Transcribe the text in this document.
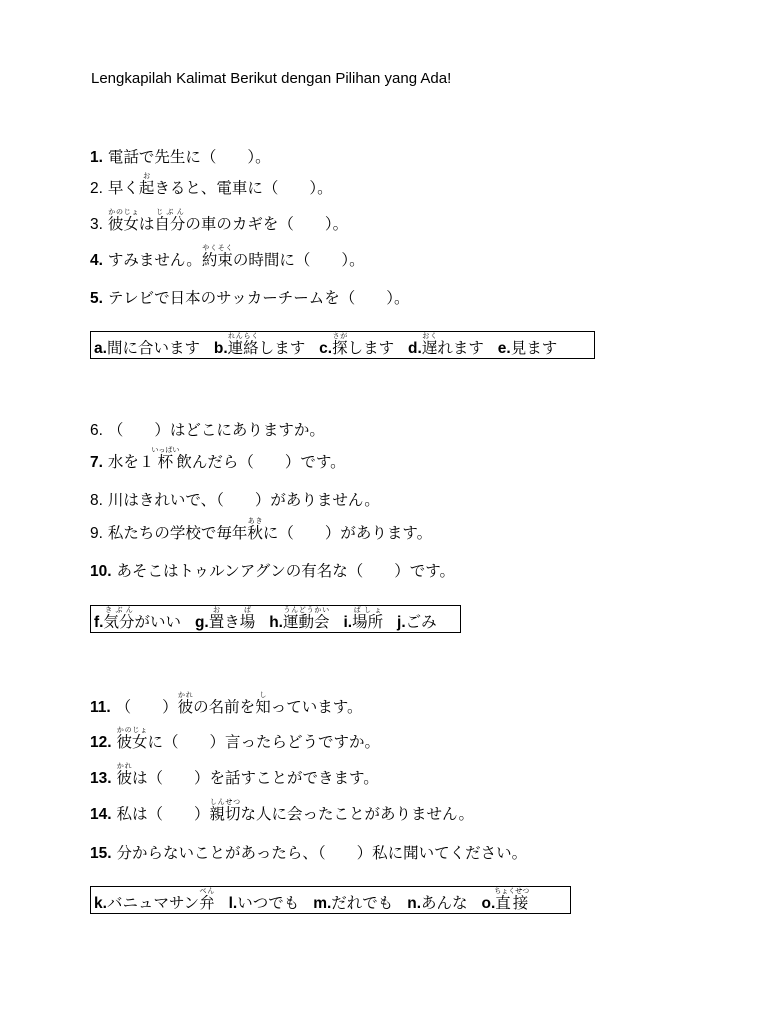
Lengkapilah Kalimat Berikut dengan Pilihan yang Ada!
1. 電話で先生に（　　）。
2. 早く起おきると、電車に（　　）。
3. 彼女かのじょは自分じぶんの車のカギを（　　）。
4. すみません。約束やくそくの時間に（　　）。
5. テレビで日本のサッカーチームを（　　）。
a.間に合います b.連絡れんらくします c.探さがします d.遅おくれます e.見ます
6. （　　）はどこにありますか。
7. 水を１杯いっぱい飲んだら（　　）です。
8. 川はきれいで、（　　）がありません。
9. 私たちの学校で毎年秋あきに（　　）があります。
10. あそこはトゥルンアグンの有名な（　　）です。
f.気分きぶんがいい g.置おき場ば h.運動会うんどうかい i.場所ばしょ j.ごみ
11. （　　）彼かれの名前を知しっています。
12. 彼女かのじょに（　　）言ったらどうですか。
13. 彼かれは（　　）を話すことができます。
14. 私は（　　）親切しんせつな人に会ったことがありません。
15. 分からないことがあったら、（　　）私に聞いてください。
k.バニュマサン弁べん l.いつでも m.だれでも n.あんな o.直接ちょくせつ
